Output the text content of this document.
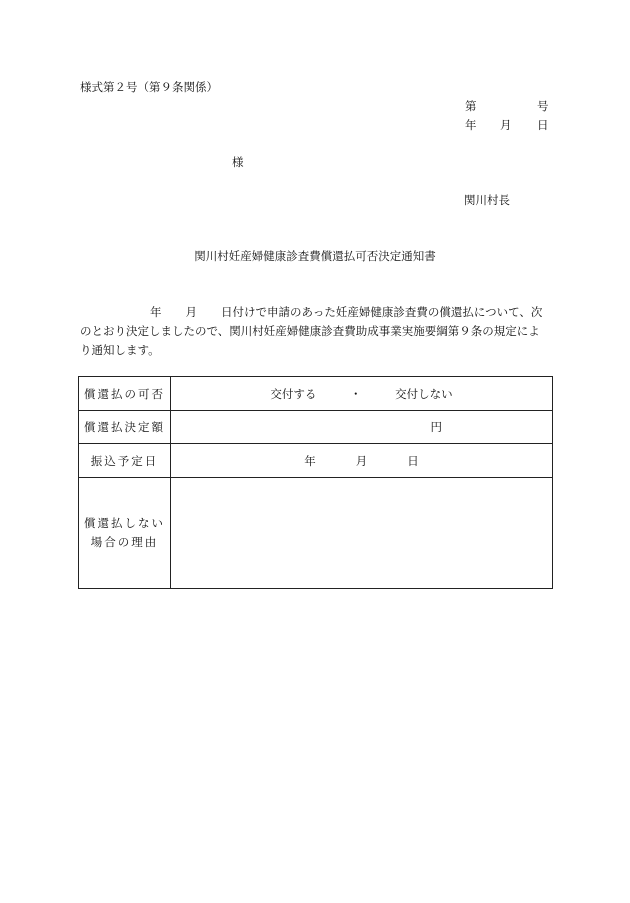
様式第２号（第９条関係）
第	号
年 月 日
様
関川村長
関川村妊産婦健康診査費償還払可否決定通知書
年 月 日付けで申請のあった妊産婦健康診査費の償還払について、次
のとおり決定しましたので、関川村妊産婦健康診査費助成事業実施要綱第９条の規定によ
り通知します。
償還払の可否	交付する ・ 交付しない
償還払決定額	円
振込予定日	年 月 日

償還払しない
場合の理由	
